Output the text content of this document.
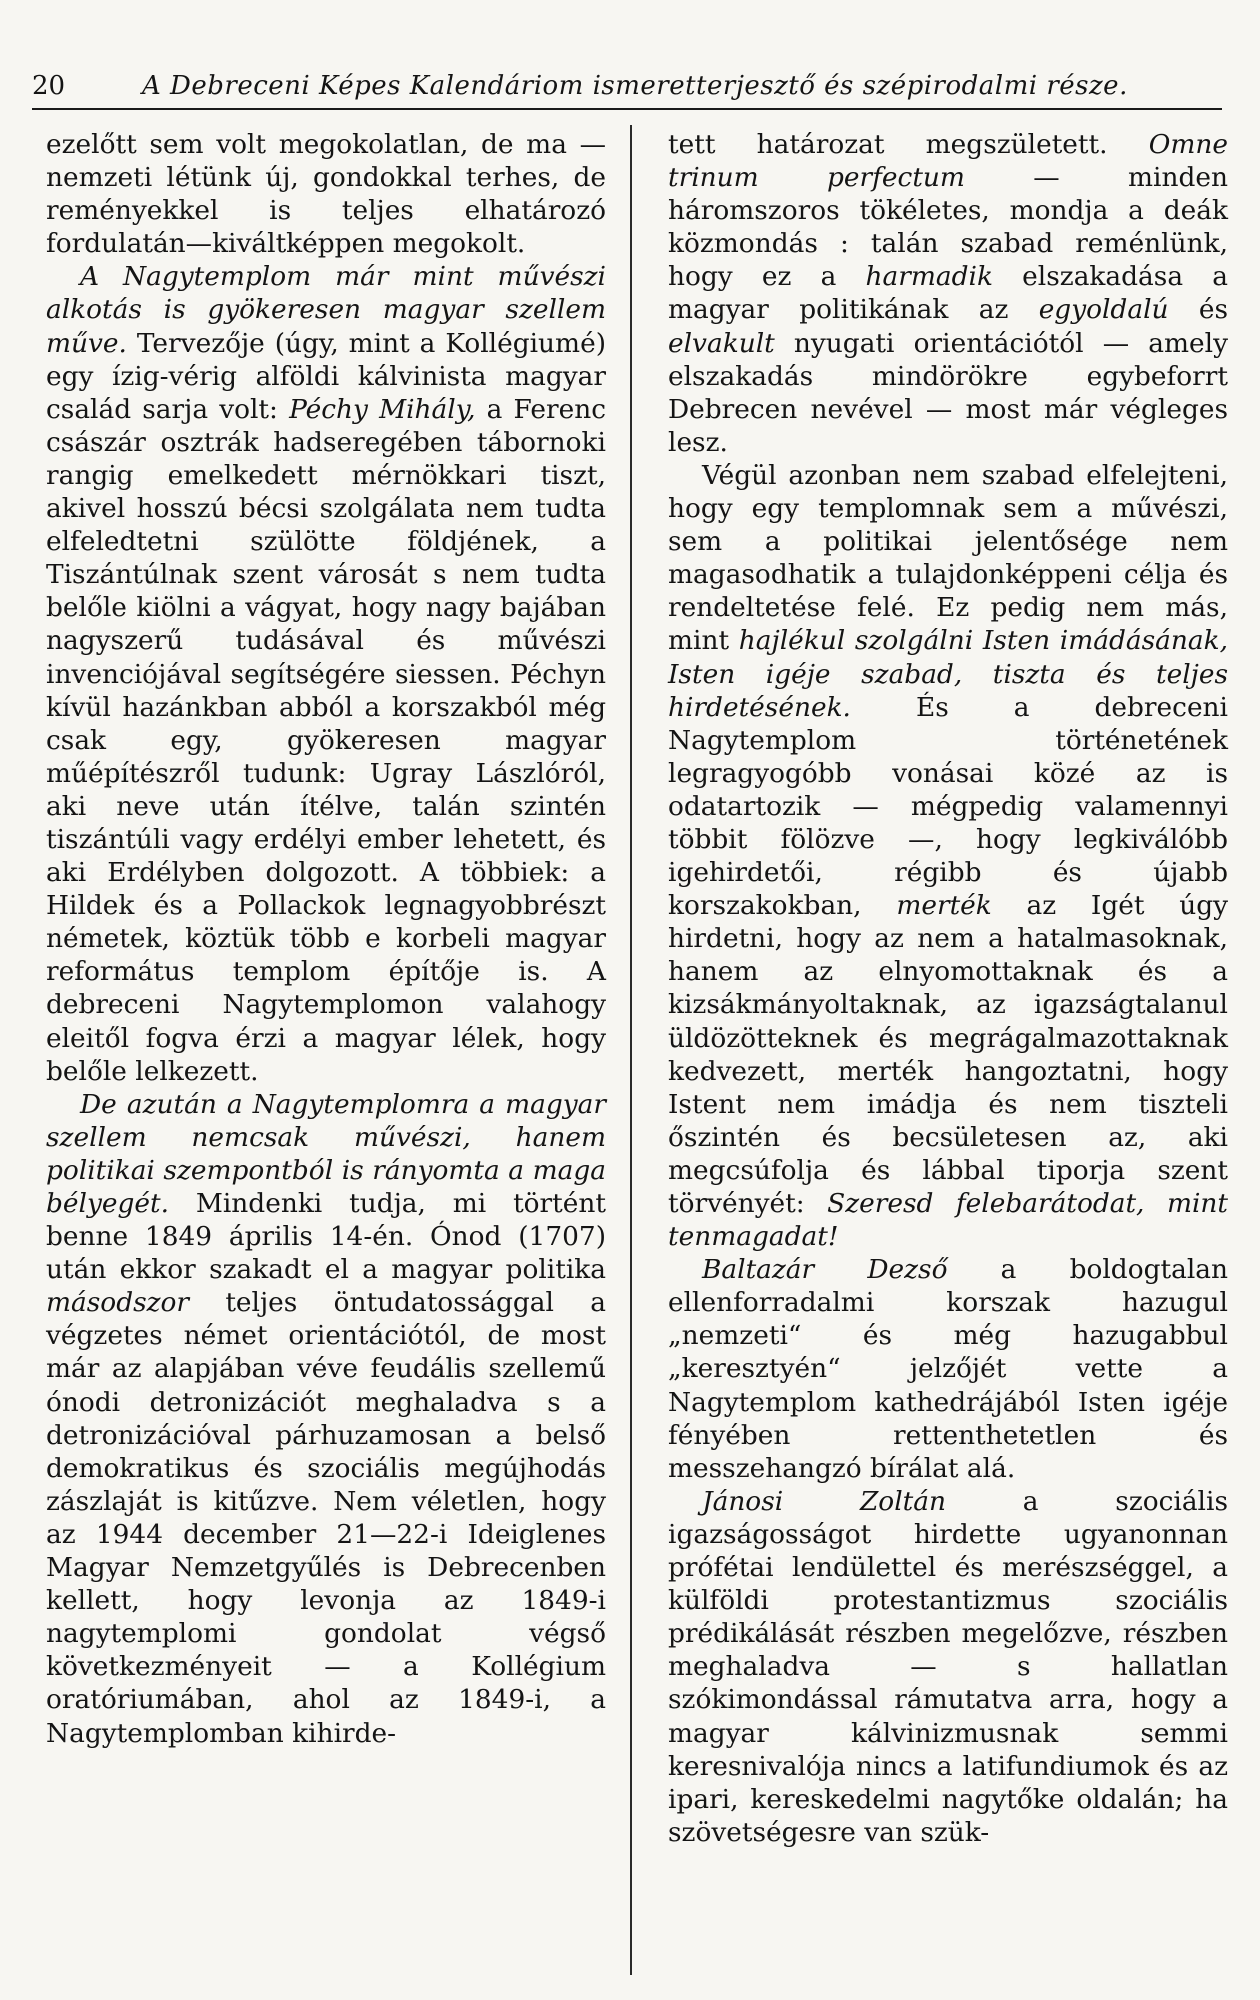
20	A Debreceni Képes Kalendáriom ismeretterjesztő és szépirodalmi része.

ezelőtt sem volt megokolatlan, de ma — nemzeti létünk új, gondokkal terhes, de reményekkel is teljes elhatározó fordulatán—kiváltképpen megokolt.

A Nagytemplom már mint művészi alkotás is gyökeresen magyar szellem műve. Tervezője (úgy, mint a Kollégiumé) egy ízig-vérig alföldi kálvinista magyar család sarja volt: Péchy Mihály, a Ferenc császár osztrák hadseregében tábornoki rangig emelkedett mérnökkari tiszt, akivel hosszú bécsi szolgálata nem tudta elfeledtetni szülötte földjének, a Tiszántúlnak szent városát s nem tudta belőle kiölni a vágyat, hogy nagy bajában nagyszerű tudásával és művészi invenciójával segítségére siessen. Péchyn kívül hazánkban abból a korszakból még csak egy, gyökeresen magyar műépítészről tudunk: Ugray Lászlóról, aki neve után ítélve, talán szintén tiszántúli vagy erdélyi ember lehetett, és aki Erdélyben dolgozott. A többiek: a Hildek és a Pollackok legnagyobbrészt németek, köztük több e korbeli magyar református templom építője is. A debreceni Nagytemplomon valahogy eleitől fogva érzi a magyar lélek, hogy belőle lelkezett.

De azután a Nagytemplomra a magyar szellem nemcsak művészi, hanem politikai szempontból is rányomta a maga bélyegét. Mindenki tudja, mi történt benne 1849 április 14-én. Ónod (1707) után ekkor szakadt el a magyar politika másodszor teljes öntudatossággal a végzetes német orientációtól, de most már az alapjában véve feudális szellemű ónodi detronizációt meghaladva s a detronizációval párhuzamosan a belső demokratikus és szociális megújhodás zászlaját is kitűzve. Nem véletlen, hogy az 1944 december 21—22-i Ideiglenes Magyar Nemzetgyűlés is Debrecenben kellett, hogy levonja az 1849-i nagytemplomi gondolat végső következményeit — a Kollégium oratóriumában, ahol az 1849-i, a Nagytemplomban kihirde-

tett határozat megszületett. Omne trinum perfectum — minden háromszoros tökéletes, mondja a deák közmondás : talán szabad reménlünk, hogy ez a harmadik elszakadása a magyar politikának az egyoldalú és elvakult nyugati orientációtól — amely elszakadás mindörökre egybeforrt Debrecen nevével — most már végleges lesz.

Végül azonban nem szabad elfelejteni, hogy egy templomnak sem a művészi, sem a politikai jelentősége nem magasodhatik a tulajdonképpeni célja és rendeltetése felé. Ez pedig nem más, mint hajlékul szolgálni Isten imádásának, Isten igéje szabad, tiszta és teljes hirdetésének. És a debreceni Nagytemplom történetének legragyogóbb vonásai közé az is odatartozik — mégpedig valamennyi többit fölözve —, hogy legkiválóbb igehirdetői, régibb és újabb korszakokban, merték az Igét úgy hirdetni, hogy az nem a hatalmasoknak, hanem az elnyomottaknak és a kizsákmányoltaknak, az igazságtalanul üldözötteknek és megrágalmazottaknak kedvezett, merték hangoztatni, hogy Istent nem imádja és nem tiszteli őszintén és becsületesen az, aki megcsúfolja és lábbal tiporja szent törvényét: Szeresd felebarátodat, mint tenmagadat!

Baltazár Dezső a boldogtalan ellenforradalmi korszak hazugul „nemzeti“ és még hazugabbul „keresztyén“ jelzőjét vette a Nagytemplom kathedrájából Isten igéje fényében rettenthetetlen és messzehangzó bírálat alá.

Jánosi Zoltán a szociális igazságosságot hirdette ugyanonnan prófétai lendülettel és merészséggel, a külföldi protestantizmus szociális prédikálását részben megelőzve, részben meghaladva — s hallatlan szókimondással rámutatva arra, hogy a magyar kálvinizmusnak semmi keresnivalója nincs a latifundiumok és az ipari, kereskedelmi nagytőke oldalán; ha szövetségesre van szük-
